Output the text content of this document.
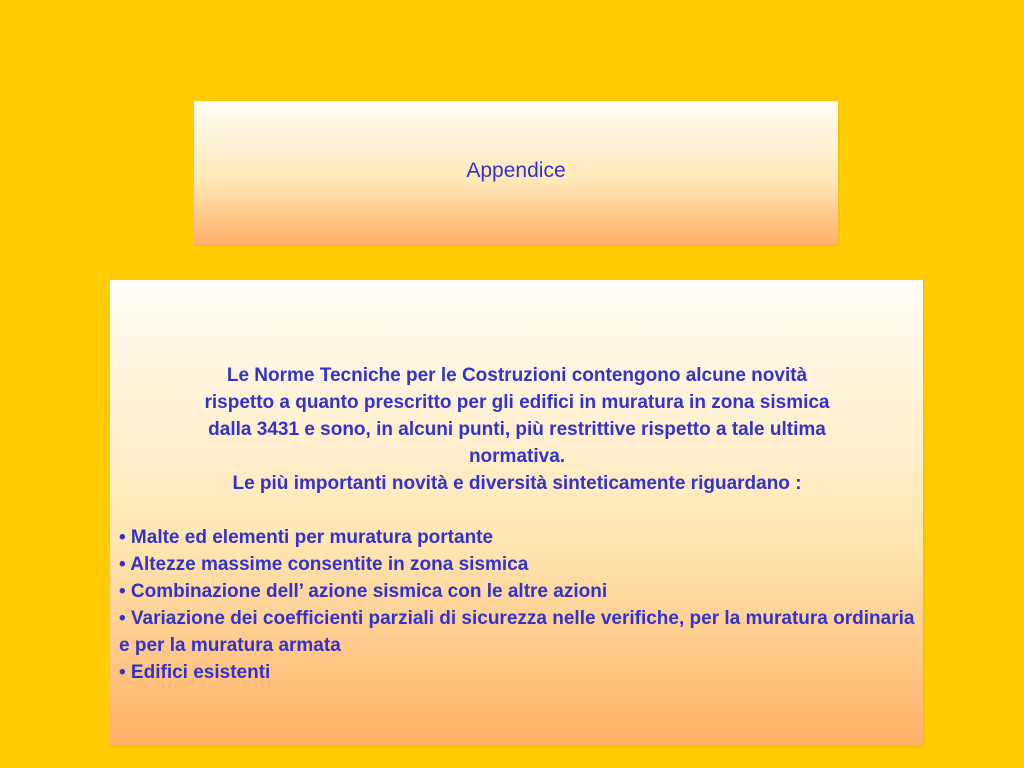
Appendice
Le Norme Tecniche per le Costruzioni contengono alcune novità
rispetto a quanto prescritto per gli edifici in muratura in zona sismica
dalla 3431 e sono, in alcuni punti, più restrittive rispetto a tale ultima
normativa.
Le più importanti novità e diversità sinteticamente riguardano :
• Malte ed elementi per muratura portante
• Altezze massime consentite in zona sismica
• Combinazione dell’ azione sismica con le altre azioni
• Variazione dei coefficienti parziali di sicurezza nelle verifiche, per la muratura ordinaria e per la muratura armata
• Edifici esistenti
